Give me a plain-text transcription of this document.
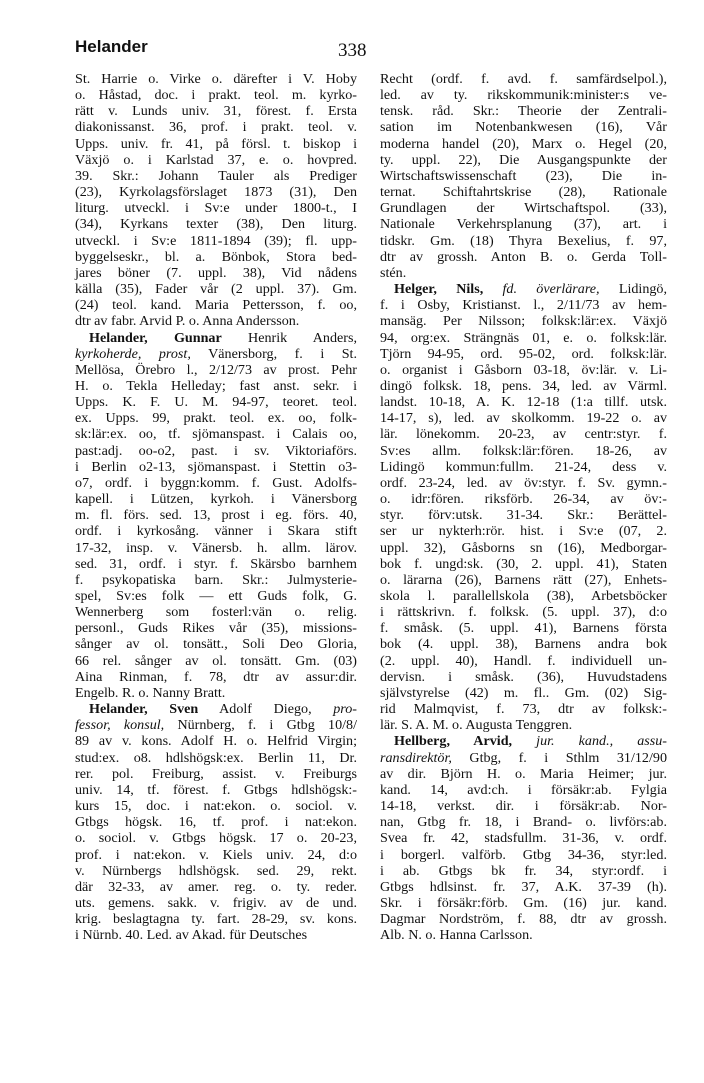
Helander	338
St. Harrie o. Virke o. därefter i V. Hoby
o. Håstad, doc. i prakt. teol. m. kyrko-
rätt v. Lunds univ. 31, förest. f. Ersta
diakonissanst. 36, prof. i prakt. teol. v.
Upps. univ. fr. 41, på försl. t. biskop i
Växjö o. i Karlstad 37, e. o. hovpred.
39. Skr.: Johann Tauler als Prediger
(23), Kyrkolagsförslaget 1873 (31), Den
liturg. utveckl. i Sv:e under 1800-t., I
(34), Kyrkans texter (38), Den liturg.
utveckl. i Sv:e 1811-1894 (39); fl. upp-
byggelseskr., bl. a. Bönbok, Stora bed-
jares böner (7. uppl. 38), Vid nådens
källa (35), Fader vår (2 uppl. 37). Gm.
(24) teol. kand. Maria Pettersson, f. oo,
dtr av fabr. Arvid P. o. Anna Andersson.
Helander, Gunnar Henrik Anders,
kyrkoherde, prost, Vänersborg, f. i St.
Mellösa, Örebro l., 2/12/73 av prost. Pehr
H. o. Tekla Helleday; fast anst. sekr. i
Upps. K. F. U. M. 94-97, teoret. teol.
ex. Upps. 99, prakt. teol. ex. oo, folk-
sk:lär:ex. oo, tf. sjömanspast. i Calais oo,
past:adj. oo-o2, past. i sv. Viktoriaförs.
i Berlin o2-13, sjömanspast. i Stettin o3-
o7, ordf. i byggn:komm. f. Gust. Adolfs-
kapell. i Lützen, kyrkoh. i Vänersborg
m. fl. förs. sed. 13, prost i eg. förs. 40,
ordf. i kyrkosång. vänner i Skara stift
17-32, insp. v. Vänersb. h. allm. lärov.
sed. 31, ordf. i styr. f. Skärsbo barnhem
f. psykopatiska barn. Skr.: Julmysterie-
spel, Sv:es folk — ett Guds folk, G.
Wennerberg som fosterl:vän o. relig.
personl., Guds Rikes vår (35), missions-
sånger av ol. tonsätt., Soli Deo Gloria,
66 rel. sånger av ol. tonsätt. Gm. (03)
Aina Rinman, f. 78, dtr av assur:dir.
Engelb. R. o. Nanny Bratt.
Helander, Sven Adolf Diego, pro-
fessor, konsul, Nürnberg, f. i Gtbg 10/8/
89 av v. kons. Adolf H. o. Helfrid Virgin;
stud:ex. o8. hdlshögsk:ex. Berlin 11, Dr.
rer. pol. Freiburg, assist. v. Freiburgs
univ. 14, tf. förest. f. Gtbgs hdlshögsk:-
kurs 15, doc. i nat:ekon. o. sociol. v.
Gtbgs högsk. 16, tf. prof. i nat:ekon.
o. sociol. v. Gtbgs högsk. 17 o. 20-23,
prof. i nat:ekon. v. Kiels univ. 24, d:o
v. Nürnbergs hdlshögsk. sed. 29, rekt.
där 32-33, av amer. reg. o. ty. reder.
uts. gemens. sakk. v. frigiv. av de und.
krig. beslagtagna ty. fart. 28-29, sv. kons.
i Nürnb. 40. Led. av Akad. für Deutsches
Recht (ordf. f. avd. f. samfärdselpol.),
led. av ty. rikskommunik:minister:s ve-
tensk. råd. Skr.: Theorie der Zentrali-
sation im Notenbankwesen (16), Vår
moderna handel (20), Marx o. Hegel (20,
ty. uppl. 22), Die Ausgangspunkte der
Wirtschaftswissenschaft (23), Die in-
ternat. Schiftahrtskrise (28), Rationale
Grundlagen der Wirtschaftspol. (33),
Nationale Verkehrsplanung (37), art. i
tidskr. Gm. (18) Thyra Bexelius, f. 97,
dtr av grossh. Anton B. o. Gerda Toll-
stén.
Helger, Nils, fd. överlärare, Lidingö,
f. i Osby, Kristianst. l., 2/11/73 av hem-
mansäg. Per Nilsson; folksk:lär:ex. Växjö
94, org:ex. Strängnäs 01, e. o. folksk:lär.
Tjörn 94-95, ord. 95-02, ord. folksk:lär.
o. organist i Gåsborn 03-18, öv:lär. v. Li-
dingö folksk. 18, pens. 34, led. av Värml.
landst. 10-18, A. K. 12-18 (1:a tillf. utsk.
14-17, s), led. av skolkomm. 19-22 o. av
lär. lönekomm. 20-23, av centr:styr. f.
Sv:es allm. folksk:lär:fören. 18-26, av
Lidingö kommun:fullm. 21-24, dess v.
ordf. 23-24, led. av öv:styr. f. Sv. gymn.-
o. idr:fören. riksförb. 26-34, av öv:-
styr. förv:utsk. 31-34. Skr.: Berättel-
ser ur nykterh:rör. hist. i Sv:e (07, 2.
uppl. 32), Gåsborns sn (16), Medborgar-
bok f. ungd:sk. (30, 2. uppl. 41), Staten
o. lärarna (26), Barnens rätt (27), Enhets-
skola l. parallellskola (38), Arbetsböcker
i rättskrivn. f. folksk. (5. uppl. 37), d:o
f. småsk. (5. uppl. 41), Barnens första
bok (4. uppl. 38), Barnens andra bok
(2. uppl. 40), Handl. f. individuell un-
dervisn. i småsk. (36), Huvudstadens
självstyrelse (42) m. fl.. Gm. (02) Sig-
rid Malmqvist, f. 73, dtr av folksk:-
lär. S. A. M. o. Augusta Tenggren.
Hellberg, Arvid, jur. kand., assu-
ransdirektör, Gtbg, f. i Sthlm 31/12/90
av dir. Björn H. o. Maria Heimer; jur.
kand. 14, avd:ch. i försäkr:ab. Fylgia
14-18, verkst. dir. i försäkr:ab. Nor-
nan, Gtbg fr. 18, i Brand- o. livförs:ab.
Svea fr. 42, stadsfullm. 31-36, v. ordf.
i borgerl. valförb. Gtbg 34-36, styr:led.
i ab. Gtbgs bk fr. 34, styr:ordf. i
Gtbgs hdlsinst. fr. 37, A.K. 37-39 (h).
Skr. i försäkr:förb. Gm. (16) jur. kand.
Dagmar Nordström, f. 88, dtr av grossh.
Alb. N. o. Hanna Carlsson.
